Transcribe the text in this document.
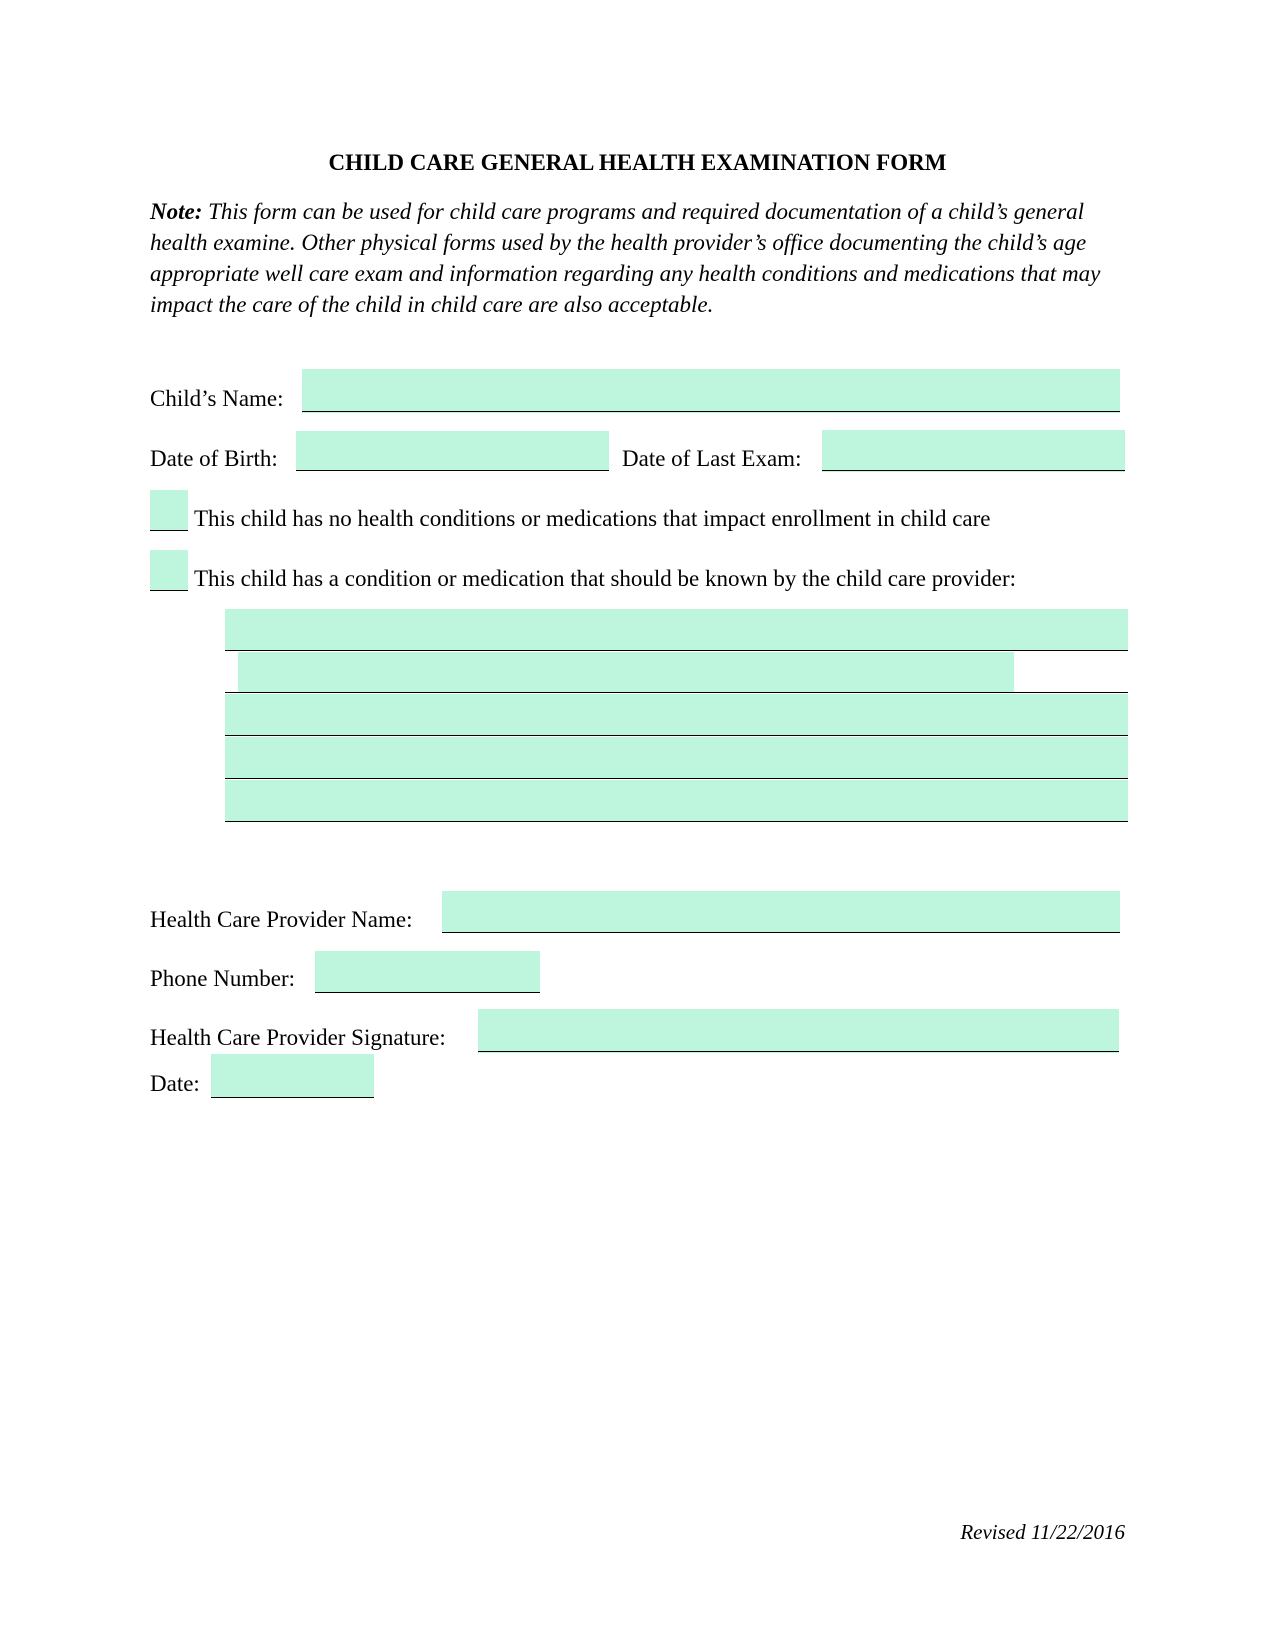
CHILD CARE GENERAL HEALTH EXAMINATION FORM
Note: This form can be used for child care programs and required documentation of a child’s general health examine. Other physical forms used by the health provider’s office documenting the child’s age appropriate well care exam and information regarding any health conditions and medications that may impact the care of the child in child care are also acceptable.
Child’s Name:
Date of Birth:	Date of Last Exam:
This child has no health conditions or medications that impact enrollment in child care
This child has a condition or medication that should be known by the child care provider:
Health Care Provider Name:
Phone Number:
Health Care Provider Signature:
Date:
Revised 11/22/2016
